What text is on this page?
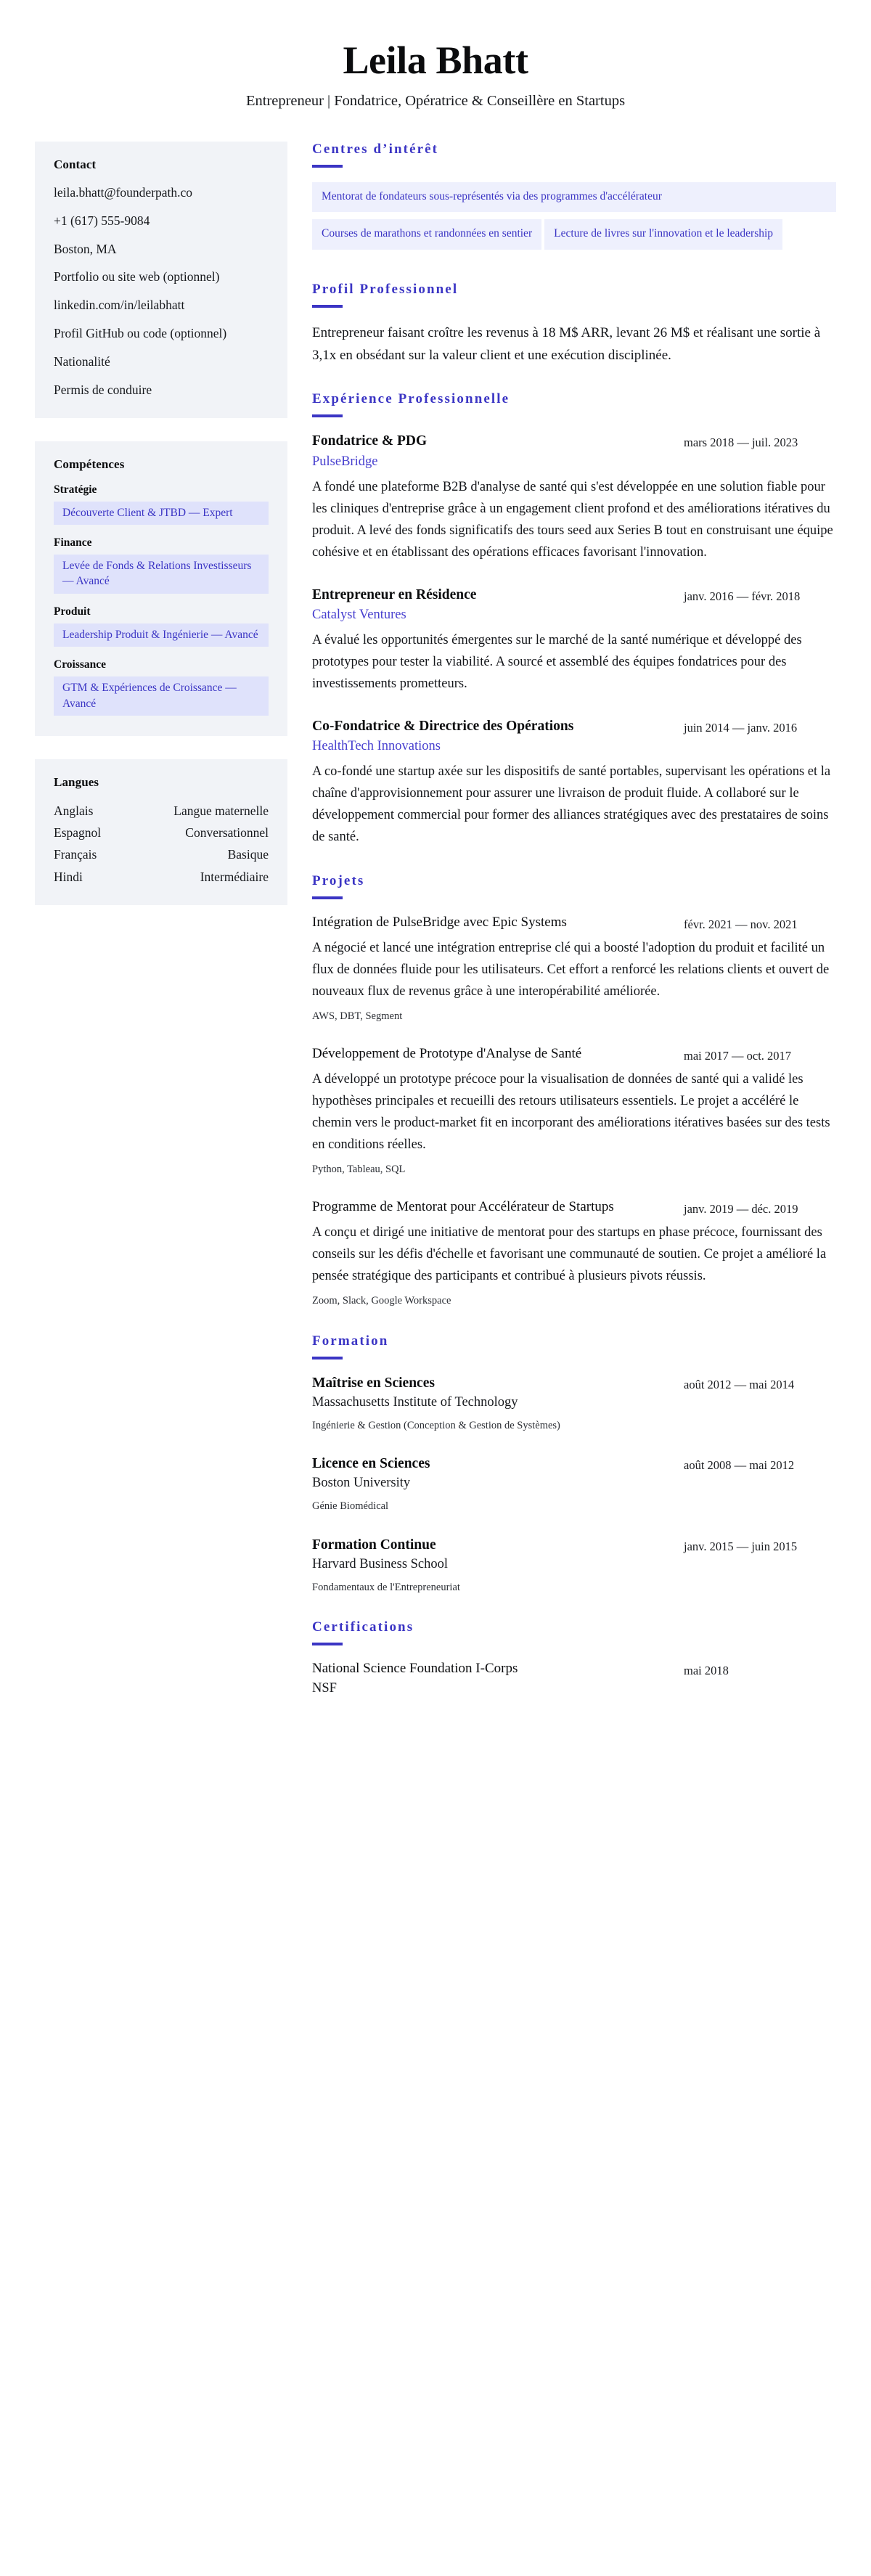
Leila Bhatt

Entrepreneur | Fondatrice, Opératrice & Conseillère en Startups

Contact

leila.bhatt@founderpath.co

+1 (617) 555-9084

Boston, MA

Portfolio ou site web (optionnel)

linkedin.com/in/leilabhatt

Profil GitHub ou code (optionnel)

Nationalité

Permis de conduire

Compétences

Stratégie

Découverte Client & JTBD — Expert

Finance

Levée de Fonds & Relations Investisseurs — Avancé

Produit

Leadership Produit & Ingénierie — Avancé

Croissance

GTM & Expériences de Croissance — Avancé
Langues
Anglais	Langue maternelle
Espagnol	Conversationnel
Français	Basique
Hindi	Intermédiaire
Centres d’intérêt
Mentorat de fondateurs sous-représentés via des programmes d'accélérateur
Courses de marathons et randonnées en sentier Lecture de livres sur l'innovation et le leadership
Profil Professionnel

Entrepreneur faisant croître les revenus à 18 M$ ARR, levant 26 M$ et réalisant une sortie à 3,1x en obsédant sur la valeur client et une exécution disciplinée.

Expérience Professionnelle
Fondatrice & PDG

PulseBridge

mars 2018 — juil. 2023

A fondé une plateforme B2B d'analyse de santé qui s'est développée en une solution fiable pour les cliniques d'entreprise grâce à un engagement client profond et des améliorations itératives du produit. A levé des fonds significatifs des tours seed aux Series B tout en construisant une équipe cohésive et en établissant des opérations efficaces favorisant l'innovation.

Entrepreneur en Résidence

Catalyst Ventures

janv. 2016 — févr. 2018

A évalué les opportunités émergentes sur le marché de la santé numérique et développé des prototypes pour tester la viabilité. A sourcé et assemblé des équipes fondatrices pour des investissements prometteurs.

Co-Fondatrice & Directrice des Opérations

HealthTech Innovations

juin 2014 — janv. 2016

A co-fondé une startup axée sur les dispositifs de santé portables, supervisant les opérations et la chaîne d'approvisionnement pour assurer une livraison de produit fluide. A collaboré sur le développement commercial pour former des alliances stratégiques avec des prestataires de soins de santé.

Projets
Intégration de PulseBridge avec Epic Systems	févr. 2021 — nov. 2021

A négocié et lancé une intégration entreprise clé qui a boosté l'adoption du produit et facilité un flux de données fluide pour les utilisateurs. Cet effort a renforcé les relations clients et ouvert de nouveaux flux de revenus grâce à une interopérabilité améliorée.

AWS, DBT, Segment

Développement de Prototype d'Analyse de Santé	mai 2017 — oct. 2017

A développé un prototype précoce pour la visualisation de données de santé qui a validé les hypothèses principales et recueilli des retours utilisateurs essentiels. Le projet a accéléré le chemin vers le product-market fit en incorporant des améliorations itératives basées sur des tests en conditions réelles.

Python, Tableau, SQL

Programme de Mentorat pour Accélérateur de Startups	janv. 2019 — déc. 2019

A conçu et dirigé une initiative de mentorat pour des startups en phase précoce, fournissant des conseils sur les défis d'échelle et favorisant une communauté de soutien. Ce projet a amélioré la pensée stratégique des participants et contribué à plusieurs pivots réussis.

Zoom, Slack, Google Workspace

Formation
Maîtrise en Sciences

Massachusetts Institute of Technology

Ingénierie & Gestion (Conception & Gestion de Systèmes)

août 2012 — mai 2014
Licence en Sciences

Boston University

Génie Biomédical

août 2008 — mai 2012
Formation Continue

Harvard Business School

Fondamentaux de l'Entrepreneuriat

janv. 2015 — juin 2015
Certifications
National Science Foundation I-Corps

NSF

mai 2018
